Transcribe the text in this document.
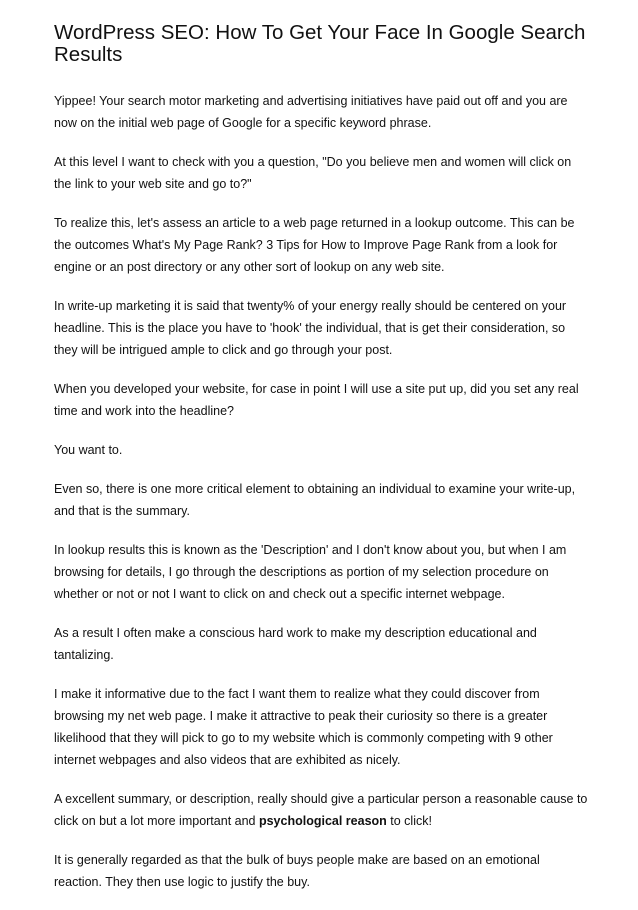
WordPress SEO: How To Get Your Face In Google Search Results

Yippee! Your search motor marketing and advertising initiatives have paid out off and you are now on the initial web page of Google for a specific keyword phrase.

At this level I want to check with you a question, "Do you believe men and women will click on the link to your web site and go to?"

To realize this, let's assess an article to a web page returned in a lookup outcome. This can be the outcomes What's My Page Rank? 3 Tips for How to Improve Page Rank from a look for engine or an post directory or any other sort of lookup on any web site.

In write-up marketing it is said that twenty% of your energy really should be centered on your headline. This is the place you have to 'hook' the individual, that is get their consideration, so they will be intrigued ample to click and go through your post.

When you developed your website, for case in point I will use a site put up, did you set any real time and work into the headline?

You want to.

Even so, there is one more critical element to obtaining an individual to examine your write-up, and that is the summary.

In lookup results this is known as the 'Description' and I don't know about you, but when I am browsing for details, I go through the descriptions as portion of my selection procedure on whether or not or not I want to click on and check out a specific internet webpage.

As a result I often make a conscious hard work to make my description educational and tantalizing.

I make it informative due to the fact I want them to realize what they could discover from browsing my net web page. I make it attractive to peak their curiosity so there is a greater likelihood that they will pick to go to my website which is commonly competing with 9 other internet webpages and also videos that are exhibited as nicely.

A excellent summary, or description, really should give a particular person a reasonable cause to click on but a lot more important and psychological reason to click!

It is generally regarded as that the bulk of buys people make are based on an emotional reaction. They then use logic to justify the buy.
